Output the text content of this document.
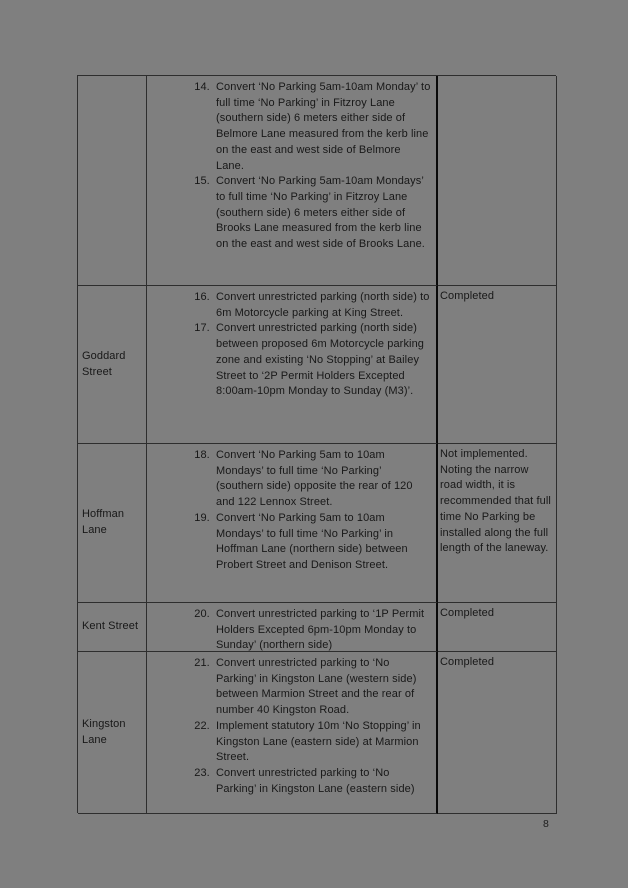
14. Convert ‘No Parking 5am-10am Monday’ to full time ‘No Parking’ in Fitzroy Lane (southern side) 6 meters either side of Belmore Lane measured from the kerb line on the east and west side of Belmore Lane.
15. Convert ‘No Parking 5am-10am Mondays’ to full time ‘No Parking’ in Fitzroy Lane (southern side) 6 meters either side of Brooks Lane measured from the kerb line on the east and west side of Brooks Lane.
Goddard Street
16. Convert unrestricted parking (north side) to 6m Motorcycle parking at King Street.
17. Convert unrestricted parking (north side) between proposed 6m Motorcycle parking zone and existing ‘No Stopping’ at Bailey Street to ‘2P Permit Holders Excepted 8:00am-10pm Monday to Sunday (M3)’.
Completed
Hoffman Lane
18. Convert ‘No Parking 5am to 10am Mondays’ to full time ‘No Parking’ (southern side) opposite the rear of 120 and 122 Lennox Street.
19. Convert ‘No Parking 5am to 10am Mondays’ to full time ‘No Parking’ in Hoffman Lane (northern side) between Probert Street and Denison Street.
Not implemented. Noting the narrow road width, it is recommended that full time No Parking be installed along the full length of the laneway.
Kent Street
20. Convert unrestricted parking to ‘1P Permit Holders Excepted 6pm-10pm Monday to Sunday’ (northern side)
Completed
Kingston Lane
21. Convert unrestricted parking to ‘No Parking’ in Kingston Lane (western side) between Marmion Street and the rear of number 40 Kingston Road.
22. Implement statutory 10m ‘No Stopping’ in Kingston Lane (eastern side) at Marmion Street.
23. Convert unrestricted parking to ‘No Parking’ in Kingston Lane (eastern side)
Completed
8
